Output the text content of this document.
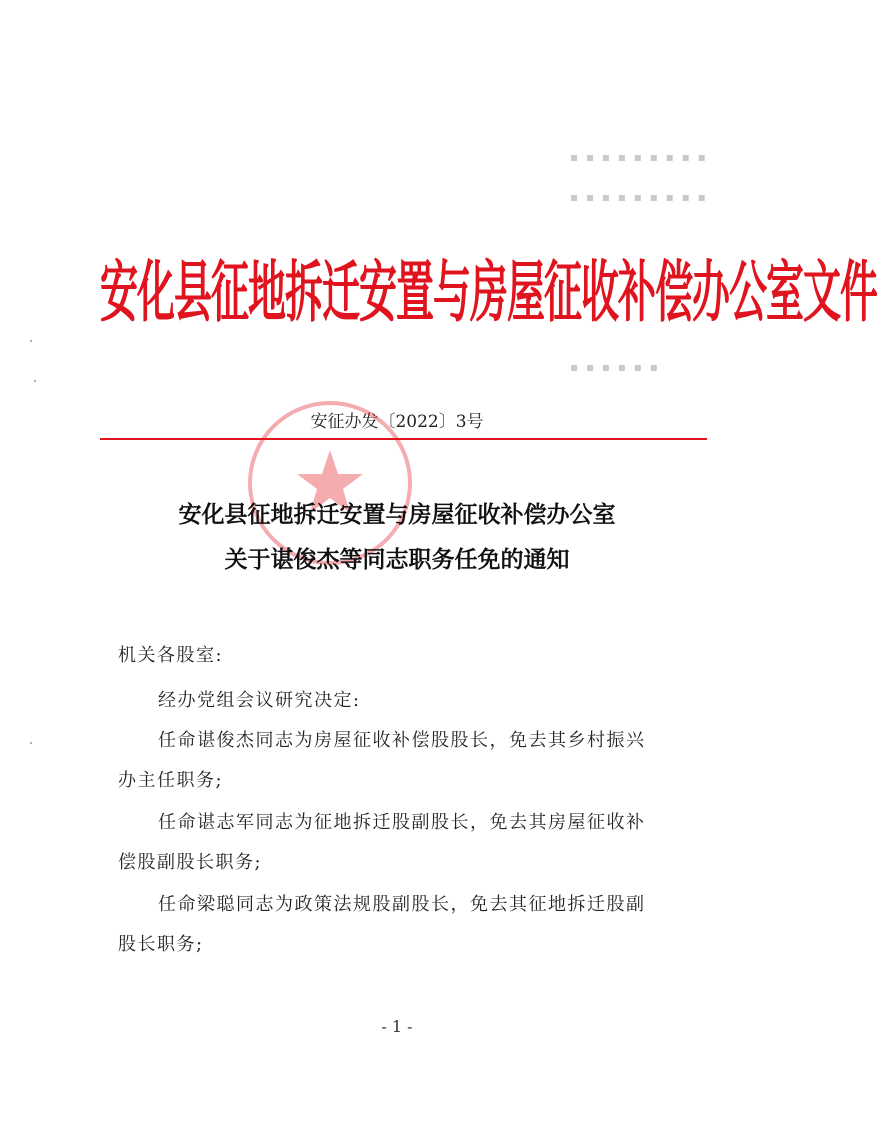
▪ ▪ ▪ ▪ ▪ ▪ ▪ ▪ ▪
▪ ▪ ▪ ▪ ▪ ▪ ▪ ▪ ▪
▪ ▪ ▪ ▪ ▪ ▪
安化县征地拆迁安置与房屋征收补偿办公室文件
安征办发〔2022〕3号
安化县征地拆迁安置与房屋征收补偿办公室
关于谌俊杰等同志职务任免的通知
机关各股室:
经办党组会议研究决定:
任命谌俊杰同志为房屋征收补偿股股长，免去其乡村振兴
办主任职务;
任命谌志军同志为征地拆迁股副股长，免去其房屋征收补
偿股副股长职务;
任命梁聪同志为政策法规股副股长，免去其征地拆迁股副
股长职务;
- 1 -
